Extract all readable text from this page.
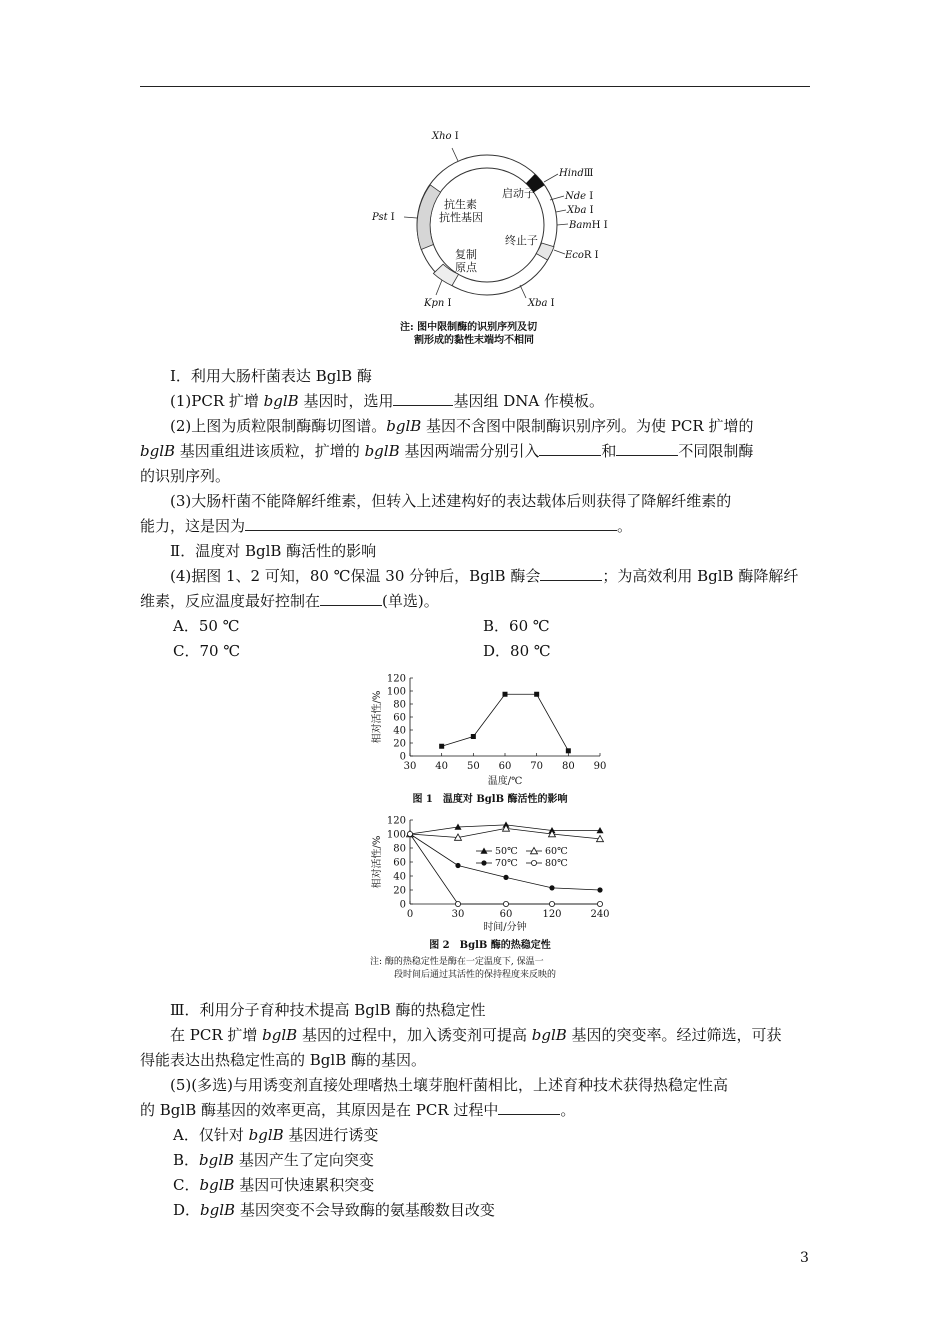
Xho Ⅰ
HindⅢ
Nde Ⅰ
Xba Ⅰ
BamH Ⅰ
EcoR Ⅰ
Pst Ⅰ
Kpn Ⅰ	Xba Ⅰ
启动子
终止子
抗生素
抗性基因
复制
原点
注: 图中限制酶的识别序列及切
割形成的黏性末端均不相同
Ⅰ．利用大肠杆菌表达 BglB 酶
(1)PCR 扩增 bglB 基因时，选用	基因组 DNA 作模板。
(2)上图为质粒限制酶酶切图谱。bglB 基因不含图中限制酶识别序列。为使 PCR 扩增的
bglB 基因重组进该质粒，扩增的 bglB 基因两端需分别引入	和	不同限制酶
的识别序列。
(3)大肠杆菌不能降解纤维素，但转入上述建构好的表达载体后则获得了降解纤维素的
能力，这是因为	。
Ⅱ．温度对 BglB 酶活性的影响
(4)据图 1、2 可知，80 ℃保温 30 分钟后，BglB 酶会	；为高效利用 BglB 酶降解纤
维素，反应温度最好控制在	(单选)。
A．50 ℃	B．60 ℃
C．70 ℃	D．80 ℃
0
20
40
60
80
100
120
30 40 50 60 70 80 90
相对活性/%
温度/℃
图 1　温度对 BglB 酶活性的影响
0
20
40
60
80
100
120
0	30	60	120	240
50℃	60℃
70℃	80℃
相对活性/%
时间/分钟
图 2　BglB 酶的热稳定性
注: 酶的热稳定性是酶在一定温度下, 保温一
段时间后通过其活性的保持程度来反映的
Ⅲ．利用分子育种技术提高 BglB 酶的热稳定性
在 PCR 扩增 bglB 基因的过程中，加入诱变剂可提高 bglB 基因的突变率。经过筛选，可获
得能表达出热稳定性高的 BglB 酶的基因。
(5)(多选)与用诱变剂直接处理嗜热土壤芽胞杆菌相比，上述育种技术获得热稳定性高
的 BglB 酶基因的效率更高，其原因是在 PCR 过程中	。
A．仅针对 bglB 基因进行诱变
B．bglB 基因产生了定向突变
C．bglB 基因可快速累积突变
D．bglB 基因突变不会导致酶的氨基酸数目改变
3
